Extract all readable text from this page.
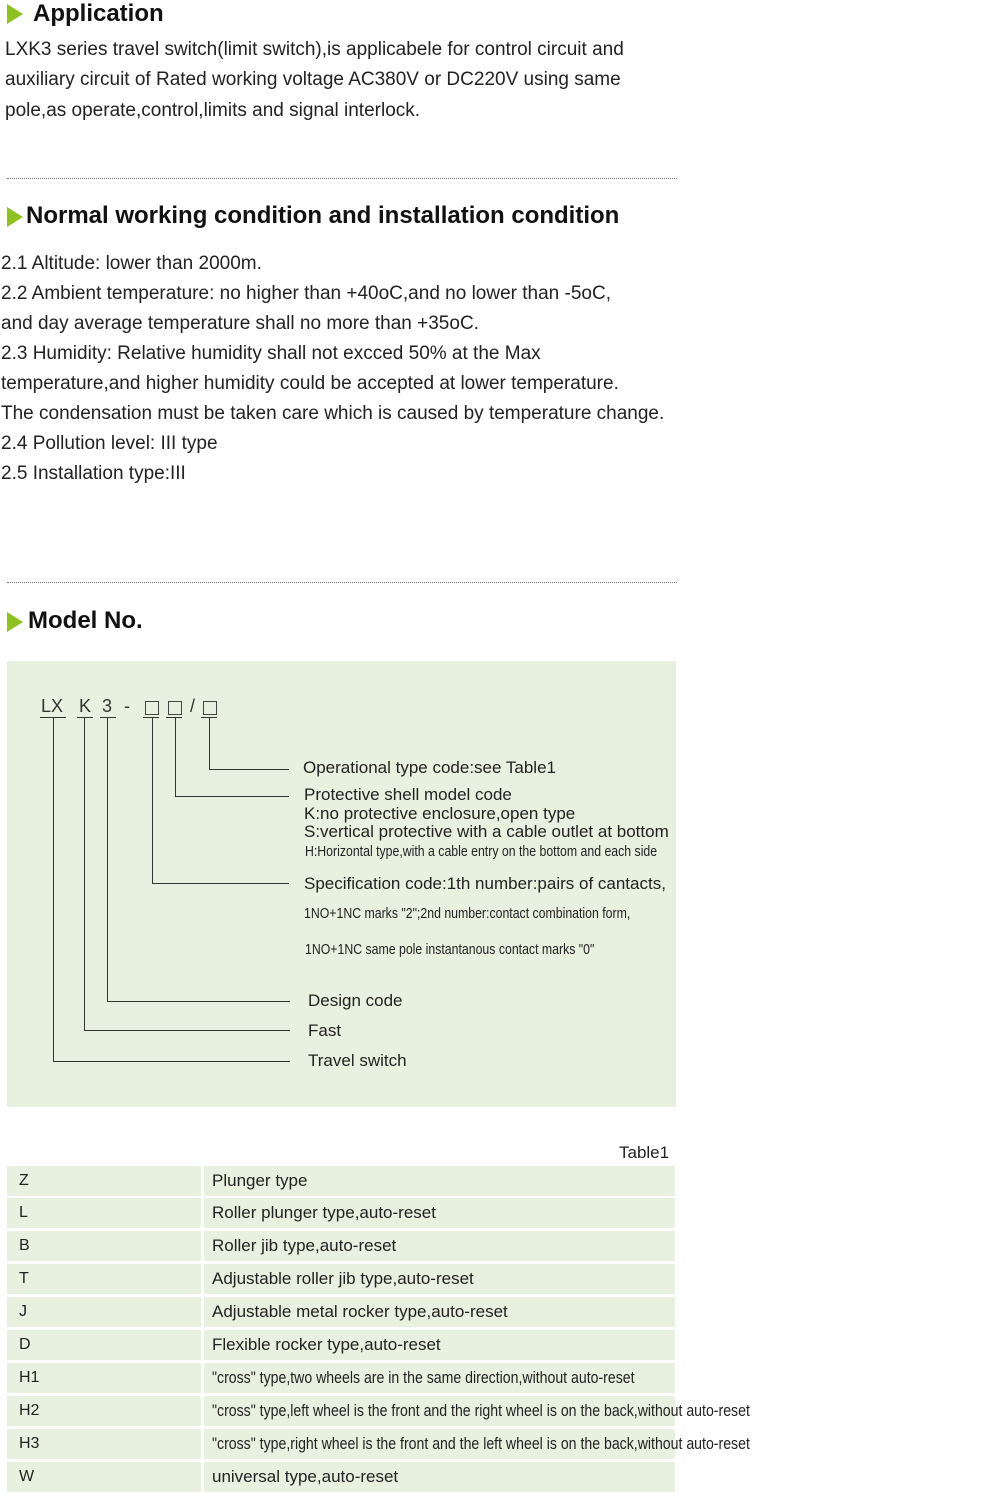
Application
LXK3 series travel switch(limit switch),is applicabele for control circuit and
auxiliary circuit of Rated working voltage AC380V or DC220V using same
pole,as operate,control,limits and signal interlock.
Normal working condition and installation condition
2.1 Altitude: lower than 2000m.
2.2 Ambient temperature: no higher than +40oC,and no lower than -5oC,
and day average temperature shall no more than +35oC.
2.3 Humidity: Relative humidity shall not excced 50% at the Max
temperature,and higher humidity could be accepted at lower temperature.
The condensation must be taken care which is caused by temperature change.
2.4 Pollution level: III type
2.5 Installation type:III
Model No.
LX K 3 -	/
Operational type code:see Table1
Protective shell model code
K:no protective enclosure,open type
S:vertical protective with a cable outlet at bottom
H:Horizontal type,with a cable entry on the bottom and each side
Specification code:1th number:pairs of cantacts,
1NO+1NC marks "2";2nd number:contact combination form,
1NO+1NC same pole instantanous contact marks "0"
Design code
Fast
Travel switch
Table1
Z	Plunger type
L	Roller plunger type,auto-reset
B	Roller jib type,auto-reset
T	Adjustable roller jib type,auto-reset
J	Adjustable metal rocker type,auto-reset
D	Flexible rocker type,auto-reset
H1	"cross" type,two wheels are in the same direction,without auto-reset
H2	"cross" type,left wheel is the front and the right wheel is on the back,without auto-reset
H3	"cross" type,right wheel is the front and the left wheel is on the back,without auto-reset
W	universal type,auto-reset
